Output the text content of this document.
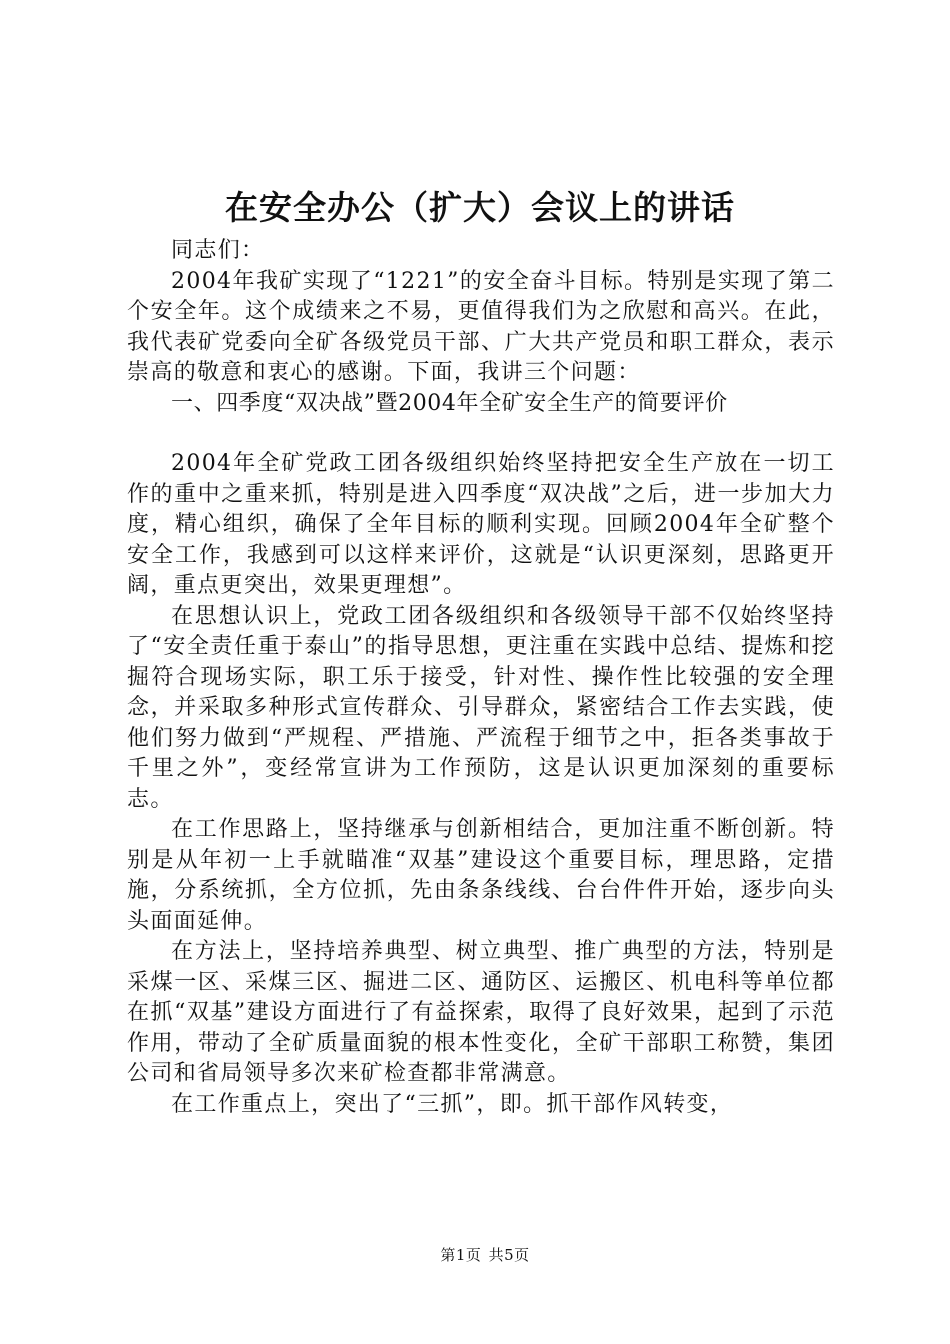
在安全办公（扩大）会议上的讲话

同志们：

2004年我矿实现了“1221”的安全奋斗目标。特别是实现了第二个安全年。这个成绩来之不易，更值得我们为之欣慰和高兴。在此，我代表矿党委向全矿各级党员干部、广大共产党员和职工群众，表示崇高的敬意和衷心的感谢。下面，我讲三个问题：

一、四季度“双决战”暨2004年全矿安全生产的简要评价

2004年全矿党政工团各级组织始终坚持把安全生产放在一切工作的重中之重来抓，特别是进入四季度“双决战”之后，进一步加大力度，精心组织，确保了全年目标的顺利实现。回顾2004年全矿整个安全工作，我感到可以这样来评价，这就是“认识更深刻，思路更开阔，重点更突出，效果更理想”。

在思想认识上，党政工团各级组织和各级领导干部不仅始终坚持了“安全责任重于泰山”的指导思想，更注重在实践中总结、提炼和挖掘符合现场实际，职工乐于接受，针对性、操作性比较强的安全理念，并采取多种形式宣传群众、引导群众，紧密结合工作去实践，使他们努力做到“严规程、严措施、严流程于细节之中，拒各类事故于千里之外”，变经常宣讲为工作预防，这是认识更加深刻的重要标志。

在工作思路上，坚持继承与创新相结合，更加注重不断创新。特别是从年初一上手就瞄准“双基”建设这个重要目标，理思路，定措施，分系统抓，全方位抓，先由条条线线、台台件件开始，逐步向头头面面延伸。

在方法上，坚持培养典型、树立典型、推广典型的方法，特别是采煤一区、采煤三区、掘进二区、通防区、运搬区、机电科等单位都在抓“双基”建设方面进行了有益探索，取得了良好效果，起到了示范作用，带动了全矿质量面貌的根本性变化，全矿干部职工称赞，集团公司和省局领导多次来矿检查都非常满意。

在工作重点上，突出了“三抓”，即。抓干部作风转变，

第1页 共5页
